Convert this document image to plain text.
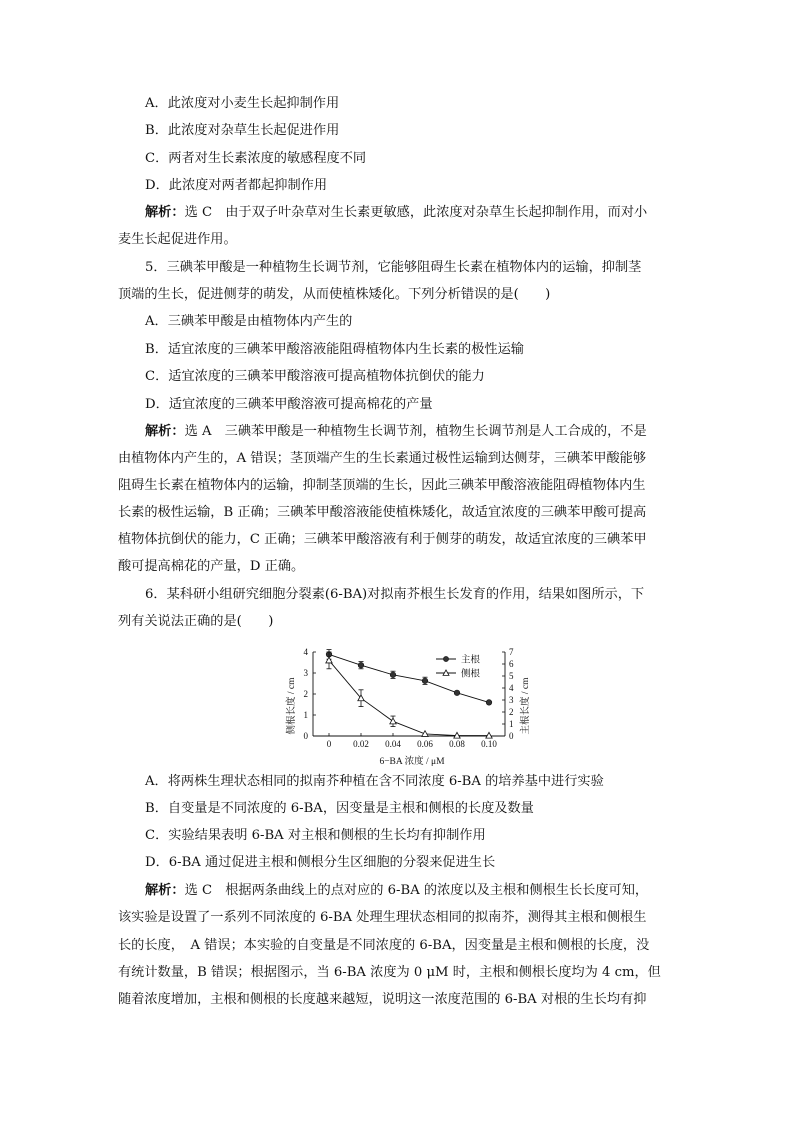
A．此浓度对小麦生长起抑制作用
B．此浓度对杂草生长起促进作用
C．两者对生长素浓度的敏感程度不同
D．此浓度对两者都起抑制作用
解析：选 C　由于双子叶杂草对生长素更敏感，此浓度对杂草生长起抑制作用，而对小
麦生长起促进作用。
5．三碘苯甲酸是一种植物生长调节剂，它能够阻碍生长素在植物体内的运输，抑制茎
顶端的生长，促进侧芽的萌发，从而使植株矮化。下列分析错误的是(　　)
A．三碘苯甲酸是由植物体内产生的
B．适宜浓度的三碘苯甲酸溶液能阻碍植物体内生长素的极性运输
C．适宜浓度的三碘苯甲酸溶液可提高植物体抗倒伏的能力
D．适宜浓度的三碘苯甲酸溶液可提高棉花的产量
解析：选 A　三碘苯甲酸是一种植物生长调节剂，植物生长调节剂是人工合成的，不是
由植物体内产生的，A 错误；茎顶端产生的生长素通过极性运输到达侧芽，三碘苯甲酸能够
阻碍生长素在植物体内的运输，抑制茎顶端的生长，因此三碘苯甲酸溶液能阻碍植物体内生
长素的极性运输，B 正确；三碘苯甲酸溶液能使植株矮化，故适宜浓度的三碘苯甲酸可提高
植物体抗倒伏的能力，C 正确；三碘苯甲酸溶液有利于侧芽的萌发，故适宜浓度的三碘苯甲
酸可提高棉花的产量，D 正确。
6．某科研小组研究细胞分裂素(6-BA)对拟南芥根生长发育的作用，结果如图所示，下
列有关说法正确的是(　　)
0
1
2
3
4
0
1
2
3
4
5
6
7
0 0.02 0.04 0.06 0.08 0.10
主根
侧根
侧根长度 / cm	主根长度 / cm
6−BA 浓度 / μM
A．将两株生理状态相同的拟南芥种植在含不同浓度 6-BA 的培养基中进行实验
B．自变量是不同浓度的 6-BA，因变量是主根和侧根的长度及数量
C．实验结果表明 6-BA 对主根和侧根的生长均有抑制作用
D．6-BA 通过促进主根和侧根分生区细胞的分裂来促进生长
解析：选 C　根据两条曲线上的点对应的 6-BA 的浓度以及主根和侧根生长长度可知，
该实验是设置了一系列不同浓度的 6-BA 处理生理状态相同的拟南芥，测得其主根和侧根生
长的长度，　A 错误；本实验的自变量是不同浓度的 6-BA，因变量是主根和侧根的长度，没
有统计数量，B 错误；根据图示，当 6-BA 浓度为 0 μM 时，主根和侧根长度均为 4 cm，但
随着浓度增加，主根和侧根的长度越来越短，说明这一浓度范围的 6-BA 对根的生长均有抑
